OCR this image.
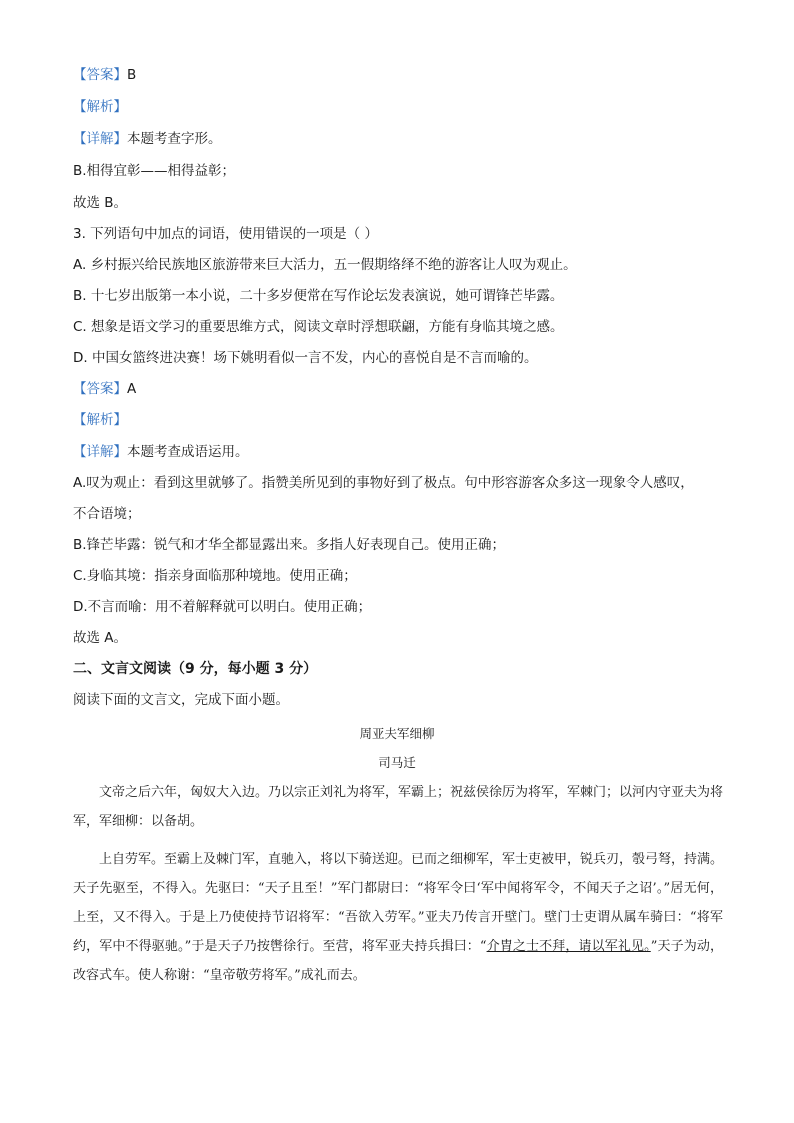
【答案】B
【解析】
【详解】本题考查字形。
B.相得宜彰——相得益彰；
故选 B。
3. 下列语句中加点的词语，使用错误的一项是（ ）
A. 乡村振兴给民族地区旅游带来巨大活力，五一假期络绎不绝的游客让人叹为观止。
B. 十七岁出版第一本小说，二十多岁便常在写作论坛发表演说，她可谓锋芒毕露。
C. 想象是语文学习的重要思维方式，阅读文章时浮想联翩，方能有身临其境之感。
D. 中国女篮终进决赛！场下姚明看似一言不发，内心的喜悦自是不言而喻的。
【答案】A
【解析】
【详解】本题考查成语运用。
A.叹为观止：看到这里就够了。指赞美所见到的事物好到了极点。句中形容游客众多这一现象令人感叹，
不合语境；
B.锋芒毕露：锐气和才华全都显露出来。多指人好表现自己。使用正确；
C.身临其境：指亲身面临那种境地。使用正确；
D.不言而喻：用不着解释就可以明白。使用正确；
故选 A。
二、文言文阅读（9 分，每小题 3 分）
阅读下面的文言文，完成下面小题。
周亚夫军细柳
司马迁
文帝之后六年，匈奴大入边。乃以宗正刘礼为将军，军霸上；祝兹侯徐厉为将军，军棘门；以河内守亚夫为将军，军细柳：以备胡。
上自劳军。至霸上及棘门军，直驰入，将以下骑送迎。已而之细柳军，军士吏被甲，锐兵刃，彀弓弩，持满。天子先驱至，不得入。先驱曰：“天子且至！”军门都尉曰：“将军令曰‘军中闻将军令，不闻天子之诏’。”居无何，上至，又不得入。于是上乃使使持节诏将军：“吾欲入劳军。”亚夫乃传言开壁门。壁门士吏谓从属车骑曰：“将军约，军中不得驱驰。”于是天子乃按辔徐行。至营，将军亚夫持兵揖曰：“介胄之士不拜，请以军礼见。”天子为动，改容式车。使人称谢：“皇帝敬劳将军。”成礼而去。
